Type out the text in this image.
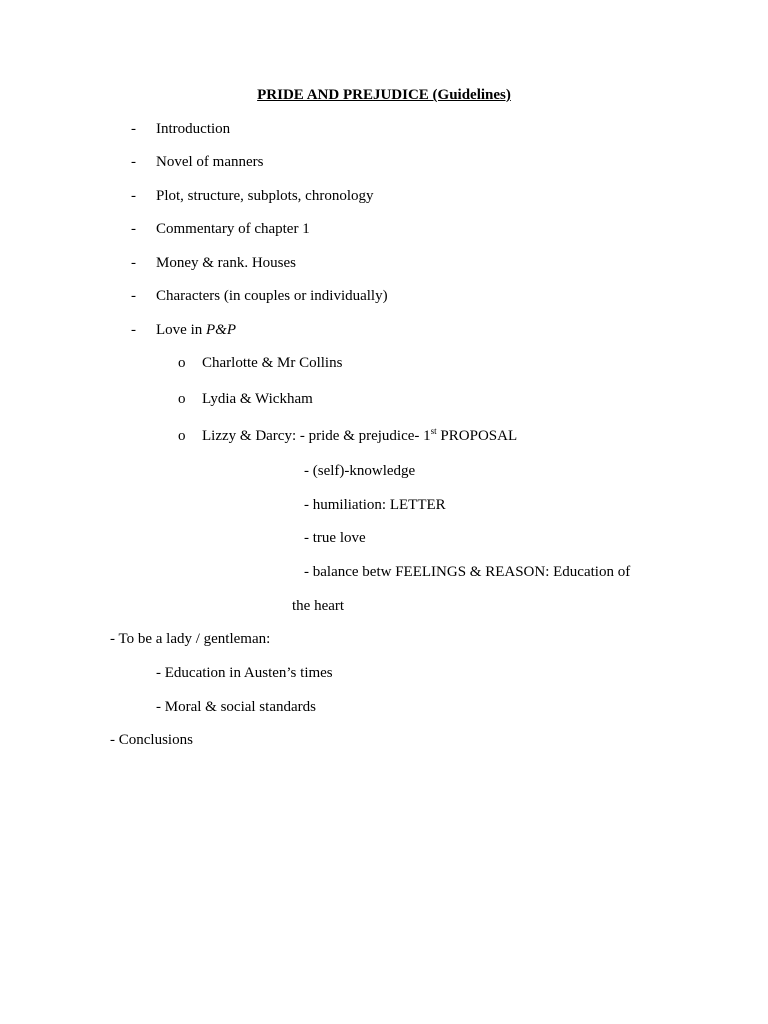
PRIDE AND PREJUDICE (Guidelines)
- Introduction
- Novel of manners
- Plot, structure, subplots, chronology
- Commentary of chapter 1
- Money & rank. Houses
- Characters (in couples or individually)
- Love in P&P
o Charlotte & Mr Collins
o Lydia & Wickham
o Lizzy & Darcy: - pride & prejudice- 1st PROPOSAL
- (self)-knowledge
- humiliation: LETTER
- true love
- balance betw FEELINGS & REASON: Education of
the heart
- To be a lady / gentleman:
- Education in Austen’s times
- Moral & social standards
- Conclusions
